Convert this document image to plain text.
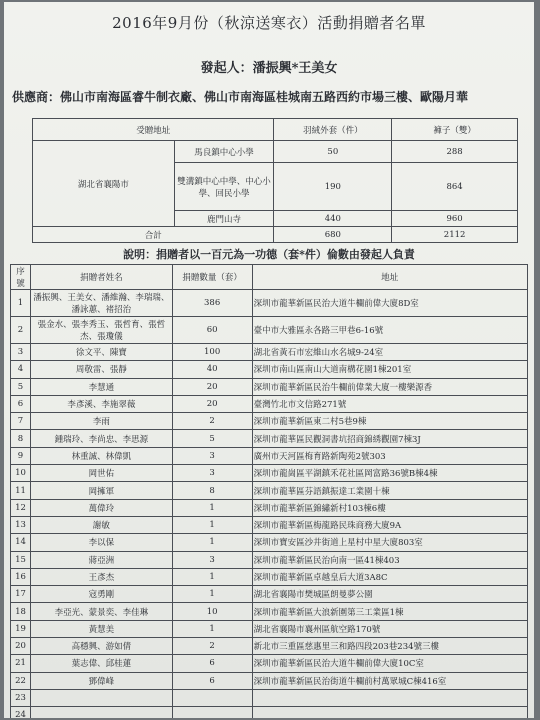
2016年9月份（秋涼送寒衣）活動捐贈者名單
發起人：潘振興*王美女
供應商：佛山市南海區睿牛制衣廠、佛山市南海區桂城南五路西約市場三樓、歐陽月華
受贈地址		羽絨外套（件）	褲子（雙）
湖北省襄陽市	馬良鎮中心小學	50	288
	雙溝鎮中心中學、中心小學、回民小學	190	864
	鹿門山寺	440	960
合計		680	2112
說明：捐贈者以一百元為一功德（套*件）倫數由發起人負責
序號	捐贈者姓名	捐贈數量（套）	地址
1	潘振興、王美女、潘維瀚、李瑞瑞、潘詠蕙、褚招治	386	深圳市龍華新區民治大道牛欄前偉大廈8D室
2	張金水、張李秀玉、張哲育、張哲杰、張瓊儀	60	臺中市大雅區永各路三甲巷6-16號
3	徐文平、陳寶	100	湖北省黃石市宏維山水名城9-24室
4	周敬雷、張靜	40	深圳市南山區南山大道南構花園1棟201室
5	李慧通	20	深圳市龍華新區民治牛欄前偉業大廈一樓樂源香
6	李彥溪、李施翠薇	20	臺灣竹北市文信路271號
7	李雨	2	深圳市龍華新區東二村5巷9棟
8	鍾瑞玲、李尚忠、李思源	5	深圳市龍華區民觀洞書坑招商錦綉觀園7棟3J
9	林重誠、林偉凱	3	廣州市天河區梅育路新陶苑2號303
10	岡世佑	3	深圳市龍崗區平湖鎮禾花社區岡富路36號B棟4棟
11	岡擁軍	8	深圳市龍華區芬語鎮振達工業園十棟
12	萬偉玲	1	深圳市龍華新區錦繡新村103棟6樓
13	謝敏	1	深圳市龍華新區梅龍路民珠商務大廈9A
14	李以保	1	深圳市寶安區沙井街道上星村中星大廈803室
15	蔣亞洲	3	深圳市龍華新區民治向南一區41棟403
16	王彥杰	1	深圳市龍華新區卓越皇后大道3A8C
17	寇勇剛	1	湖北省襄陽市樊城區朗曼夢公園
18	李亞光、蒙景奕、李佳琳	10	深圳市龍華新區大浪新圍第三工業區1棟
19	黃慧美	1	湖北省襄陽市襄州區航空路170號
20	高穩興、游如倩	2	新北市三重區慈惠里三和路四段203巷234號三樓
21	葉志偉、邱桂蓮	6	深圳市龍華新區民治大道牛欄前偉大廈10C室
22	鄧偉峰	6	深圳市龍華新區民治街道牛欄前村萬眾城C棟416室
23			
24			
